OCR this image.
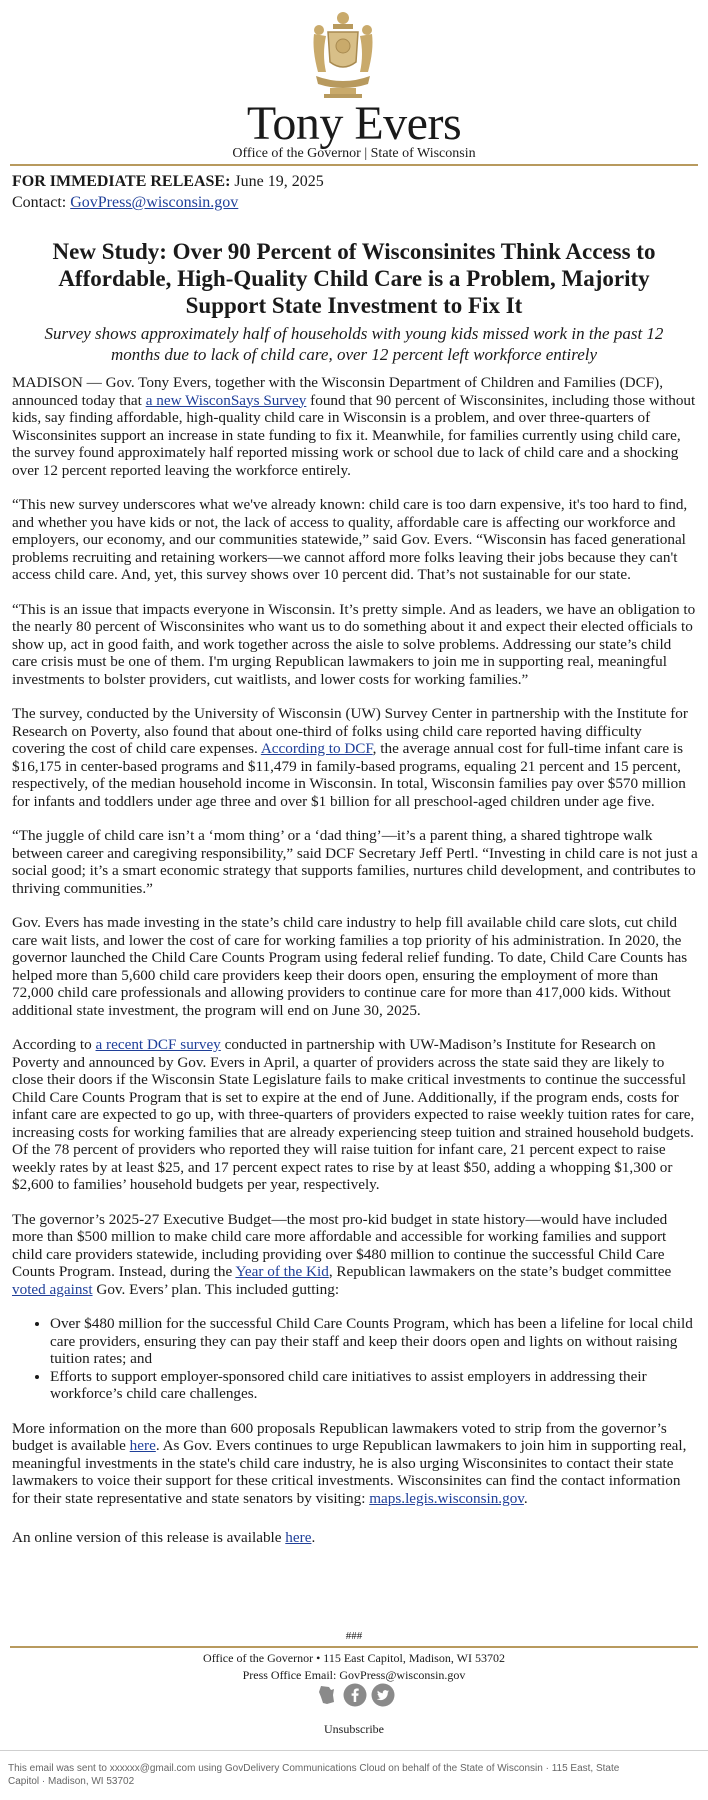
Tony Evers
Office of the Governor | State of Wisconsin
FOR IMMEDIATE RELEASE: June 19, 2025
Contact: GovPress@wisconsin.gov
New Study: Over 90 Percent of Wisconsinites Think Access to Affordable, High-Quality Child Care is a Problem, Majority Support State Investment to Fix It
Survey shows approximately half of households with young kids missed work in the past 12 months due to lack of child care, over 12 percent left workforce entirely

MADISON — Gov. Tony Evers, together with the Wisconsin Department of Children and Families (DCF), announced today that a new WisconSays Survey found that 90 percent of Wisconsinites, including those without kids, say finding affordable, high-quality child care in Wisconsin is a problem, and over three-quarters of Wisconsinites support an increase in state funding to fix it. Meanwhile, for families currently using child care, the survey found approximately half reported missing work or school due to lack of child care and a shocking over 12 percent reported leaving the workforce entirely.

“This new survey underscores what we've already known: child care is too darn expensive, it's too hard to find, and whether you have kids or not, the lack of access to quality, affordable care is affecting our workforce and employers, our economy, and our communities statewide,” said Gov. Evers. “Wisconsin has faced generational problems recruiting and retaining workers—we cannot afford more folks leaving their jobs because they can't access child care. And, yet, this survey shows over 10 percent did. That’s not sustainable for our state.

“This is an issue that impacts everyone in Wisconsin. It’s pretty simple. And as leaders, we have an obligation to the nearly 80 percent of Wisconsinites who want us to do something about it and expect their elected officials to show up, act in good faith, and work together across the aisle to solve problems. Addressing our state’s child care crisis must be one of them. I'm urging Republican lawmakers to join me in supporting real, meaningful investments to bolster providers, cut waitlists, and lower costs for working families.”

The survey, conducted by the University of Wisconsin (UW) Survey Center in partnership with the Institute for Research on Poverty, also found that about one-third of folks using child care reported having difficulty covering the cost of child care expenses. According to DCF, the average annual cost for full-time infant care is $16,175 in center-based programs and $11,479 in family-based programs, equaling 21 percent and 15 percent, respectively, of the median household income in Wisconsin. In total, Wisconsin families pay over $570 million for infants and toddlers under age three and over $1 billion for all preschool-aged children under age five.

“The juggle of child care isn’t a ‘mom thing’ or a ‘dad thing’—it’s a parent thing, a shared tightrope walk between career and caregiving responsibility,” said DCF Secretary Jeff Pertl. “Investing in child care is not just a social good; it’s a smart economic strategy that supports families, nurtures child development, and contributes to thriving communities.”

Gov. Evers has made investing in the state’s child care industry to help fill available child care slots, cut child care wait lists, and lower the cost of care for working families a top priority of his administration. In 2020, the governor launched the Child Care Counts Program using federal relief funding. To date, Child Care Counts has helped more than 5,600 child care providers keep their doors open, ensuring the employment of more than 72,000 child care professionals and allowing providers to continue care for more than 417,000 kids. Without additional state investment, the program will end on June 30, 2025.

According to a recent DCF survey conducted in partnership with UW-Madison’s Institute for Research on Poverty and announced by Gov. Evers in April, a quarter of providers across the state said they are likely to close their doors if the Wisconsin State Legislature fails to make critical investments to continue the successful Child Care Counts Program that is set to expire at the end of June. Additionally, if the program ends, costs for infant care are expected to go up, with three-quarters of providers expected to raise weekly tuition rates for care, increasing costs for working families that are already experiencing steep tuition and strained household budgets. Of the 78 percent of providers who reported they will raise tuition for infant care, 21 percent expect to raise weekly rates by at least $25, and 17 percent expect rates to rise by at least $50, adding a whopping $1,300 or $2,600 to families’ household budgets per year, respectively.

The governor’s 2025-27 Executive Budget—the most pro-kid budget in state history—would have included more than $500 million to make child care more affordable and accessible for working families and support child care providers statewide, including providing over $480 million to continue the successful Child Care Counts Program. Instead, during the Year of the Kid, Republican lawmakers on the state’s budget committee voted against Gov. Evers’ plan. This included gutting:

• Over $480 million for the successful Child Care Counts Program, which has been a lifeline for local child care providers, ensuring they can pay their staff and keep their doors open and lights on without raising tuition rates; and
• Efforts to support employer-sponsored child care initiatives to assist employers in addressing their workforce’s child care challenges.

More information on the more than 600 proposals Republican lawmakers voted to strip from the governor’s budget is available here. As Gov. Evers continues to urge Republican lawmakers to join him in supporting real, meaningful investments in the state's child care industry, he is also urging Wisconsinites to contact their state lawmakers to voice their support for these critical investments. Wisconsinites can find the contact information for their state representative and state senators by visiting: maps.legis.wisconsin.gov.

An online version of this release is available here.

###
Office of the Governor • 115 East Capitol, Madison, WI 53702
Press Office Email: GovPress@wisconsin.gov
Unsubscribe
This email was sent to xxxxxx@gmail.com using GovDelivery Communications Cloud on behalf of the State of Wisconsin · 115 East, State Capitol · Madison, WI 53702
